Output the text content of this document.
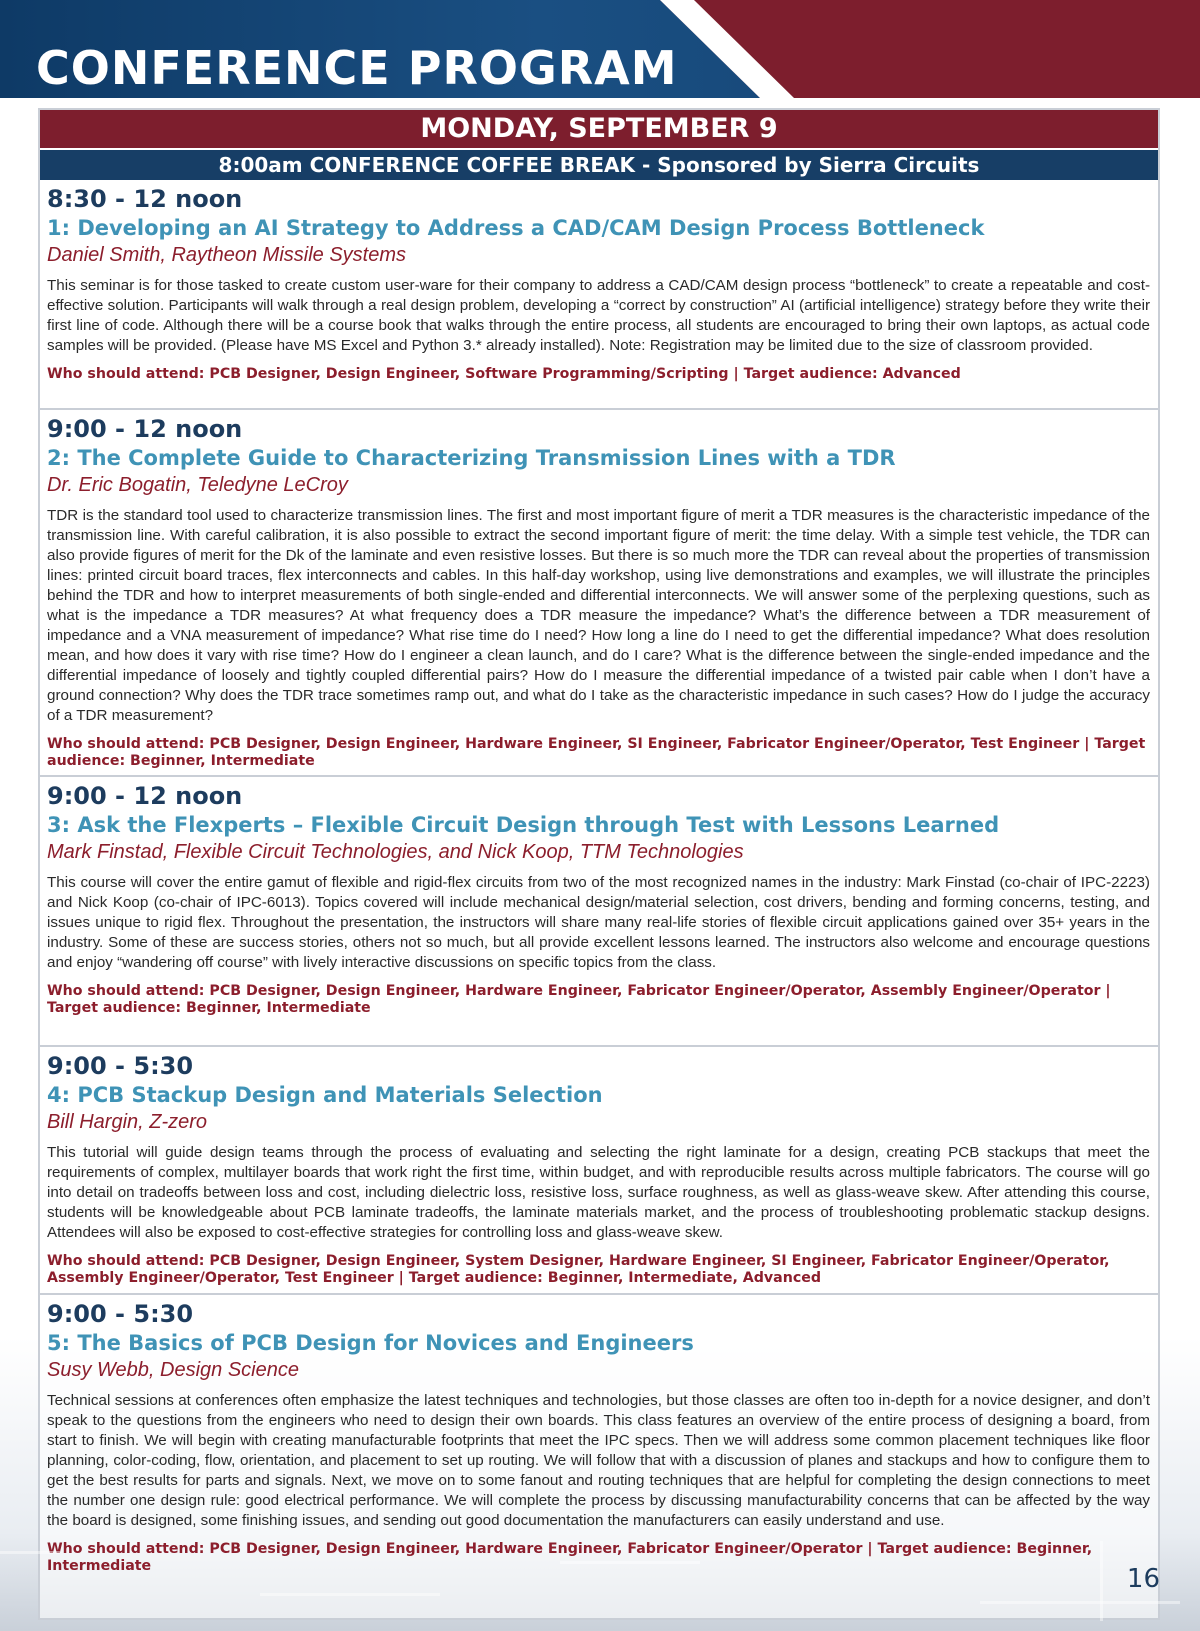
CONFERENCE PROGRAM
MONDAY, SEPTEMBER 9
8:00am CONFERENCE COFFEE BREAK - Sponsored by Sierra Circuits

8:30 - 12 noon

1: Developing an AI Strategy to Address a CAD/CAM Design Process Bottleneck

Daniel Smith, Raytheon Missile Systems

This seminar is for those tasked to create custom user-ware for their company to address a CAD/CAM design process “bottleneck” to create a repeatable and cost-effective solution. Participants will walk through a real design problem, developing a “correct by construction” AI (artificial intelligence) strategy before they write their first line of code. Although there will be a course book that walks through the entire process, all students are encouraged to bring their own laptops, as actual code samples will be provided. (Please have MS Excel and Python 3.* already installed). Note: Registration may be limited due to the size of classroom provided.

Who should attend: PCB Designer, Design Engineer, Software Programming/Scripting | Target audience: Advanced

9:00 - 12 noon

2: The Complete Guide to Characterizing Transmission Lines with a TDR

Dr. Eric Bogatin, Teledyne LeCroy

TDR is the standard tool used to characterize transmission lines. The first and most important figure of merit a TDR measures is the characteristic impedance of the transmission line. With careful calibration, it is also possible to extract the second important figure of merit: the time delay. With a simple test vehicle, the TDR can also provide figures of merit for the Dk of the laminate and even resistive losses. But there is so much more the TDR can reveal about the properties of transmission lines: printed circuit board traces, flex interconnects and cables. In this half-day workshop, using live demonstrations and examples, we will illustrate the principles behind the TDR and how to interpret measurements of both single-ended and differential interconnects. We will answer some of the perplexing questions, such as what is the impedance a TDR measures? At what frequency does a TDR measure the impedance? What’s the difference between a TDR measurement of impedance and a VNA measurement of impedance? What rise time do I need? How long a line do I need to get the differential impedance? What does resolution mean, and how does it vary with rise time? How do I engineer a clean launch, and do I care? What is the difference between the single-ended impedance and the differential impedance of loosely and tightly coupled differential pairs? How do I measure the differential impedance of a twisted pair cable when I don’t have a ground connection? Why does the TDR trace sometimes ramp out, and what do I take as the characteristic impedance in such cases? How do I judge the accuracy of a TDR measurement?

Who should attend: PCB Designer, Design Engineer, Hardware Engineer, SI Engineer, Fabricator Engineer/Operator, Test Engineer | Target audience: Beginner, Intermediate

9:00 - 12 noon

3: Ask the Flexperts – Flexible Circuit Design through Test with Lessons Learned

Mark Finstad, Flexible Circuit Technologies, and Nick Koop, TTM Technologies

This course will cover the entire gamut of flexible and rigid-flex circuits from two of the most recognized names in the industry: Mark Finstad (co-chair of IPC-2223) and Nick Koop (co-chair of IPC-6013). Topics covered will include mechanical design/material selection, cost drivers, bending and forming concerns, testing, and issues unique to rigid flex. Throughout the presentation, the instructors will share many real-life stories of flexible circuit applications gained over 35+ years in the industry. Some of these are success stories, others not so much, but all provide excellent lessons learned. The instructors also welcome and encourage questions and enjoy “wandering off course” with lively interactive discussions on specific topics from the class.

Who should attend: PCB Designer, Design Engineer, Hardware Engineer, Fabricator Engineer/Operator, Assembly Engineer/Operator | Target audience: Beginner, Intermediate

9:00 - 5:30

4: PCB Stackup Design and Materials Selection

Bill Hargin, Z-zero

This tutorial will guide design teams through the process of evaluating and selecting the right laminate for a design, creating PCB stackups that meet the requirements of complex, multilayer boards that work right the first time, within budget, and with reproducible results across multiple fabricators. The course will go into detail on tradeoffs between loss and cost, including dielectric loss, resistive loss, surface roughness, as well as glass-weave skew. After attending this course, students will be knowledgeable about PCB laminate tradeoffs, the laminate materials market, and the process of troubleshooting problematic stackup designs. Attendees will also be exposed to cost-effective strategies for controlling loss and glass-weave skew.

Who should attend: PCB Designer, Design Engineer, System Designer, Hardware Engineer, SI Engineer, Fabricator Engineer/Operator, Assembly Engineer/Operator, Test Engineer | Target audience: Beginner, Intermediate, Advanced

9:00 - 5:30

5: The Basics of PCB Design for Novices and Engineers

Susy Webb, Design Science

Technical sessions at conferences often emphasize the latest techniques and technologies, but those classes are often too in-depth for a novice designer, and don’t speak to the questions from the engineers who need to design their own boards. This class features an overview of the entire process of designing a board, from start to finish. We will begin with creating manufacturable footprints that meet the IPC specs. Then we will address some common placement techniques like floor planning, color-coding, flow, orientation, and placement to set up routing. We will follow that with a discussion of planes and stackups and how to configure them to get the best results for parts and signals. Next, we move on to some fanout and routing techniques that are helpful for completing the design connections to meet the number one design rule: good electrical performance. We will complete the process by discussing manufacturability concerns that can be affected by the way the board is designed, some finishing issues, and sending out good documentation the manufacturers can easily understand and use.

Who should attend: PCB Designer, Design Engineer, Hardware Engineer, Fabricator Engineer/Operator | Target audience: Beginner, Intermediate	16
